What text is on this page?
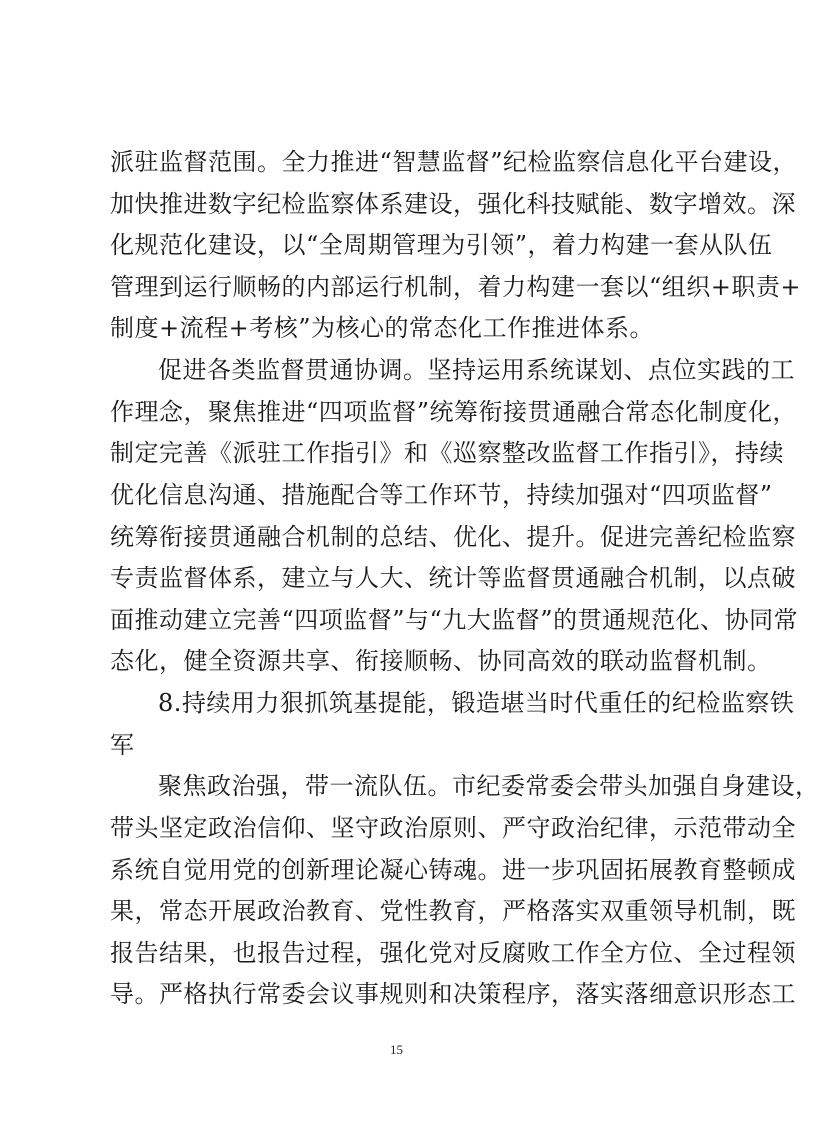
15
派驻监督范围。全力推进“智慧监督”纪检监察信息化平台建设，
加快推进数字纪检监察体系建设，强化科技赋能、数字增效。深
化规范化建设，以“全周期管理为引领”，着力构建一套从队伍
管理到运行顺畅的内部运行机制，着力构建一套以“组织+职责+
制度+流程+考核”为核心的常态化工作推进体系。
促进各类监督贯通协调。坚持运用系统谋划、点位实践的工
作理念，聚焦推进“四项监督”统筹衔接贯通融合常态化制度化，
制定完善《派驻工作指引》和《巡察整改监督工作指引》，持续
优化信息沟通、措施配合等工作环节，持续加强对“四项监督”
统筹衔接贯通融合机制的总结、优化、提升。促进完善纪检监察
专责监督体系，建立与人大、统计等监督贯通融合机制，以点破
面推动建立完善“四项监督”与“九大监督”的贯通规范化、协同常
态化，健全资源共享、衔接顺畅、协同高效的联动监督机制。
8.持续用力狠抓筑基提能，锻造堪当时代重任的纪检监察铁
军
聚焦政治强，带一流队伍。市纪委常委会带头加强自身建设，
带头坚定政治信仰、坚守政治原则、严守政治纪律，示范带动全
系统自觉用党的创新理论凝心铸魂。进一步巩固拓展教育整顿成
果，常态开展政治教育、党性教育，严格落实双重领导机制，既
报告结果，也报告过程，强化党对反腐败工作全方位、全过程领
导。严格执行常委会议事规则和决策程序，落实落细意识形态工
